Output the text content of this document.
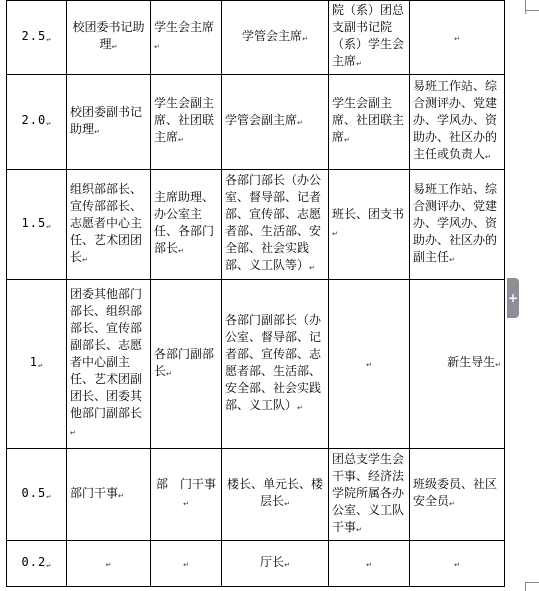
2.5↵	校团委书记助理↵	学生会主席↵	学管会主席↵	院（系）团总支副书记院（系）学生会主席↵	↵
2.0↵	校团委副书记助理↵	学生会副主席、社团联主席↵	学管会副主席↵	学生会副主席、社团联主席↵	易班工作站、综合测评办、党建办、学风办、资助办、社区办的主任或负责人↵
1.5↵	组织部部长、宣传部部长、志愿者中心主任、艺术团团长↵	主席助理、办公室主任、各部门部长↵	各部门部长（办公室、督导部、记者部、宣传部、志愿者部、生活部、安全部、社会实践部、义工队等）↵	班长、团支书↵	易班工作站、综合测评办、党建办、学风办、资助办、社区办的副主任↵
1↵	团委其他部门部长、组织部部长、宣传部副部长、志愿者中心副主任、艺术团副团长、团委其他部门副部长↵	各部门副部长↵	各部门副部长（办公室、督导部、记者部、宣传部、志愿者部、生活部、安全部、社会实践部、义工队）↵	↵	新生导生↵
0.5↵	部门干事↵	部　门干事↵	楼长、单元长、楼层长↵	团总支学生会干事、经济法学院所属各办公室、义工队干事↵	班级委员、社区安全员↵
0.2↵	↵	↵	厅长↵	↵	↵
+
